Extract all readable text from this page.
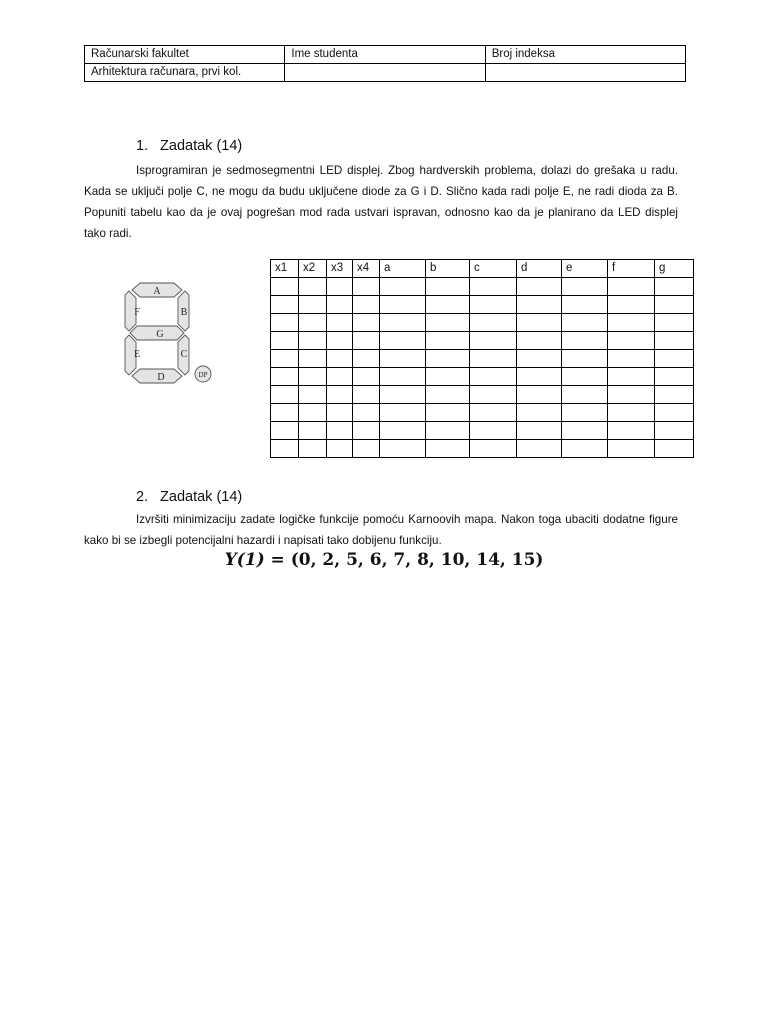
Računarski fakultet	Ime studenta	Broj indeksa
Arhitektura računara, prvi kol.		
1. Zadatak (14)
Isprogramiran je sedmosegmentni LED displej. Zbog hardverskih problema, dolazi do grešaka u radu. Kada se uključi polje C, ne mogu da budu uključene diode za G i D. Slično kada radi polje E, ne radi dioda za B. Popuniti tabelu kao da je ovaj pogrešan mod rada ustvari ispravan, odnosno kao da je planirano da LED displej tako radi.
A
B
C
D
E
F
G
DP
x1	x2	x3	x4	a	b	c	d	e	f	g

2. Zadatak (14)
Izvršiti minimizaciju zadate logičke funkcije pomoću Karnoovih mapa. Nakon toga ubaciti dodatne figure kako bi se izbegli potencijalni hazardi i napisati tako dobijenu funkciju.
Y(1) = (0, 2, 5, 6, 7, 8, 10, 14, 15)
